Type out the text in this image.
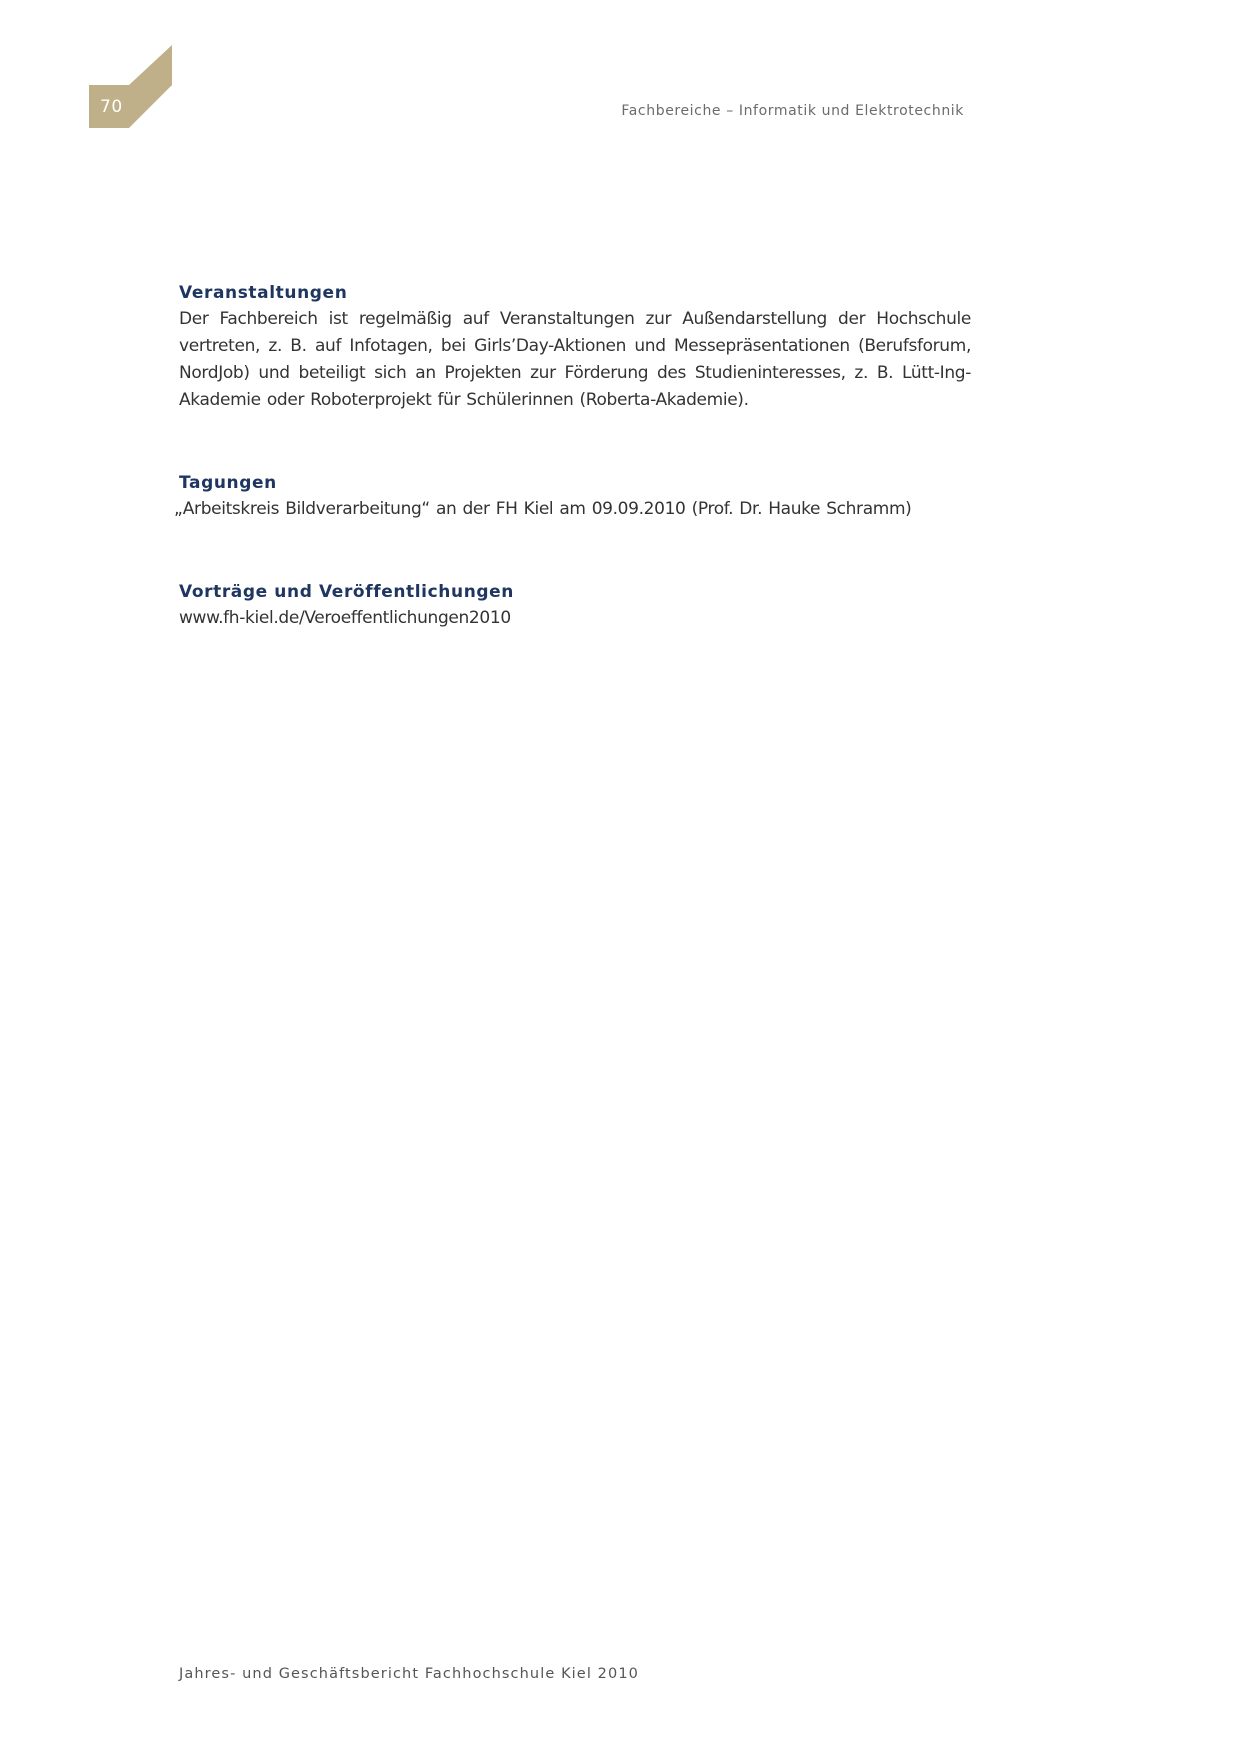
70	Fachbereiche – Informatik und Elektrotechnik
Veranstaltungen

Der Fachbereich ist regelmäßig auf Veranstaltungen zur Außendarstellung der Hochschule vertreten, z. B. auf Infotagen, bei Girls’Day-Aktionen und Messepräsentationen (Berufsforum, NordJob) und beteiligt sich an Projekten zur Förderung des Studieninteresses, z. B. Lütt-Ing-Akademie oder Roboterprojekt für Schülerinnen (Roberta-Akademie).

Tagungen

„Arbeitskreis Bildverarbeitung“ an der FH Kiel am 09.09.2010 (Prof. Dr. Hauke Schramm)

Vorträge und Veröffentlichungen

www.fh-kiel.de/Veroeffentlichungen2010

Jahres- und Geschäftsbericht Fachhochschule Kiel 2010
